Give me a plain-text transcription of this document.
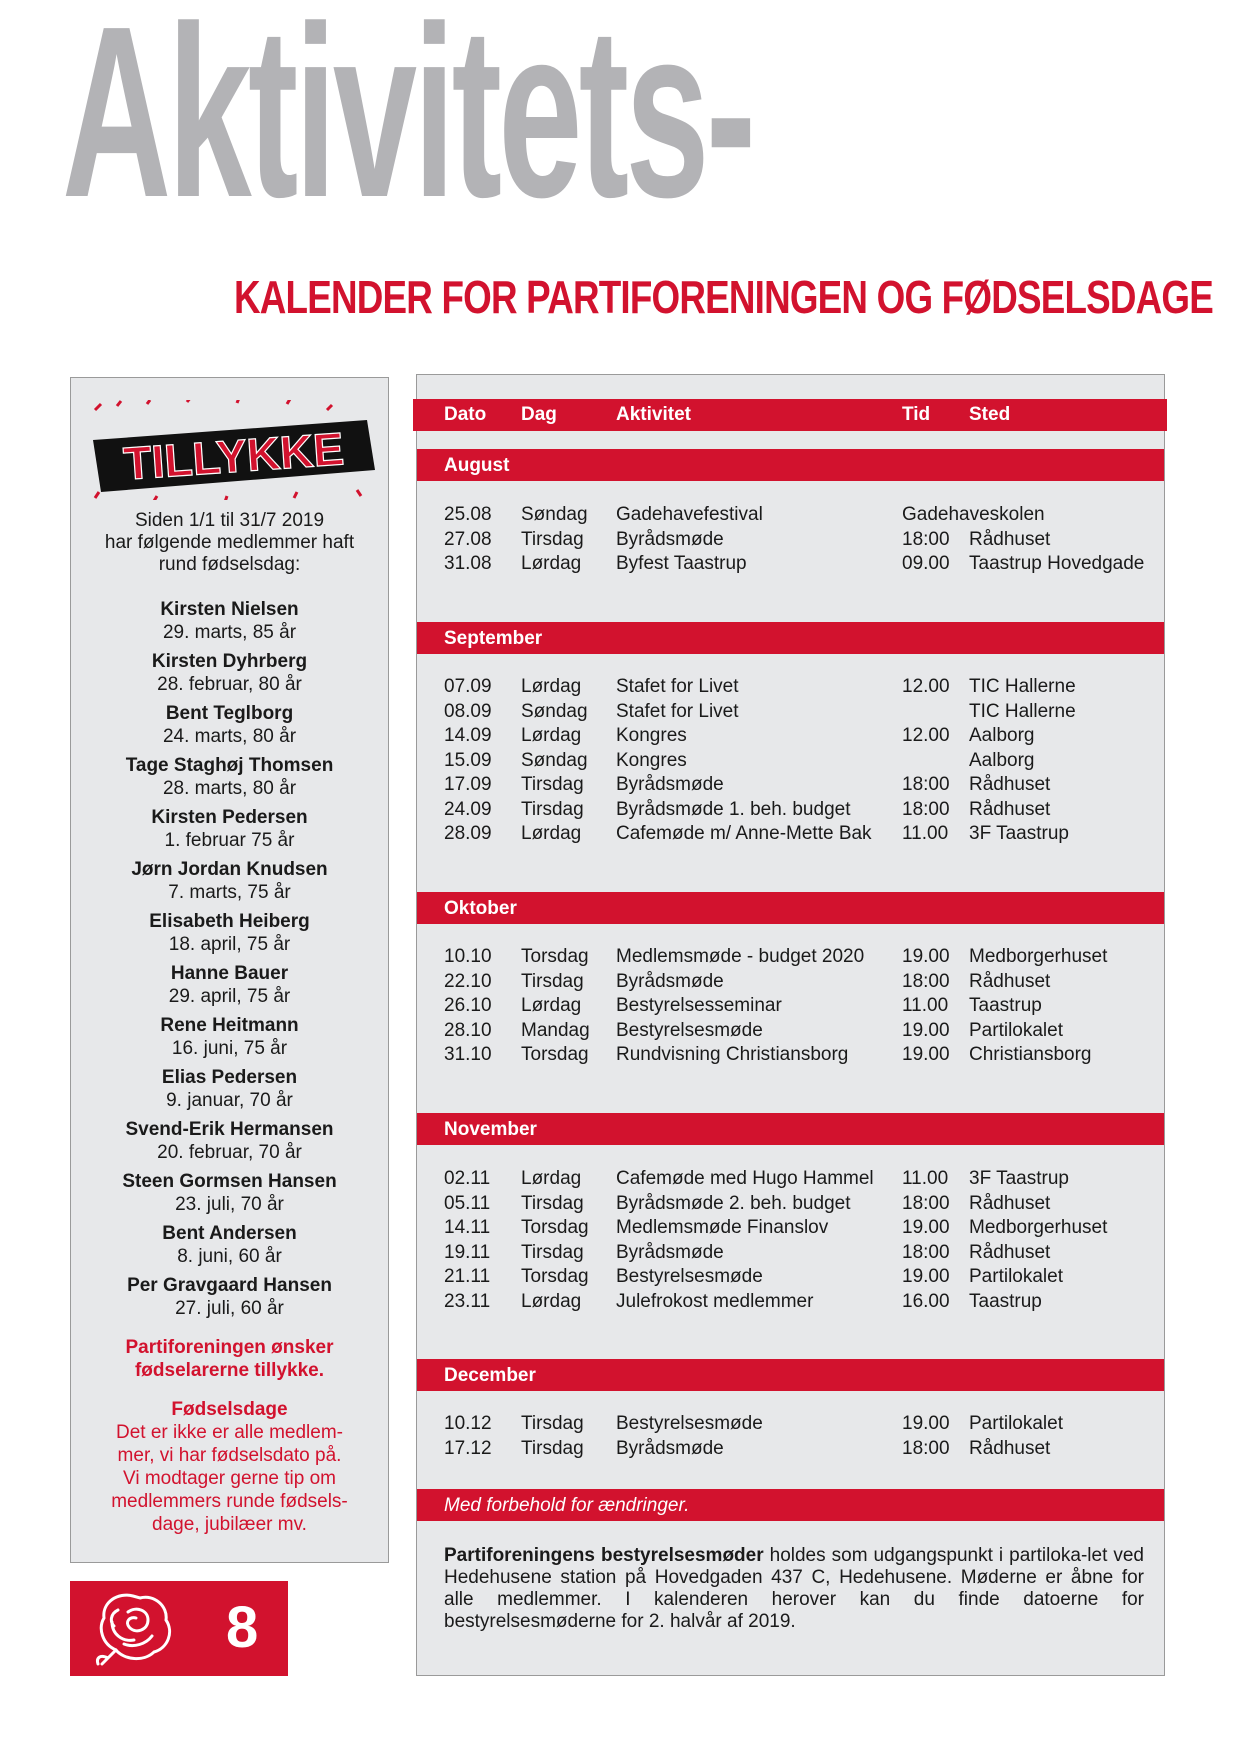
Aktivitets-
KALENDER FOR PARTIFORENINGEN OG FØDSELSDAGE
TILLYKKE
Siden 1/1 til 31/7 2019
har følgende medlemmer haft
rund fødselsdag:
Kirsten Nielsen
29. marts, 85 år
Kirsten Dyhrberg
28. februar, 80 år
Bent Teglborg
24. marts, 80 år
Tage Staghøj Thomsen
28. marts, 80 år
Kirsten Pedersen
1. februar 75 år
Jørn Jordan Knudsen
7. marts, 75 år
Elisabeth Heiberg
18. april, 75 år
Hanne Bauer
29. april, 75 år
Rene Heitmann
16. juni, 75 år
Elias Pedersen
9. januar, 70 år
Svend-Erik Hermansen
20. februar, 70 år
Steen Gormsen Hansen
23. juli, 70 år
Bent Andersen
8. juni, 60 år
Per Gravgaard Hansen
27. juli, 60 år
Partiforeningen ønsker
fødselarerne tillykke.
Fødselsdage
Det er ikke er alle medlem-
mer, vi har fødselsdato på.
Vi modtager gerne tip om
medlemmers runde fødsels-
dage, jubilæer mv.
8
Dato Dag	Aktivitet	Tid Sted
August
25.08 Søndag Gadehavefestival	Gadehaveskolen
27.08 Tirsdag Byrådsmøde	18:00 Rådhuset
31.08 Lørdag Byfest Taastrup	09.00 Taastrup Hovedgade
September
07.09 Lørdag Stafet for Livet	12.00 TIC Hallerne
08.09 Søndag Stafet for Livet	TIC Hallerne
14.09 Lørdag Kongres	12.00 Aalborg
15.09 Søndag Kongres	Aalborg
17.09 Tirsdag Byrådsmøde	18:00 Rådhuset
24.09 Tirsdag Byrådsmøde 1. beh. budget	18:00 Rådhuset
28.09 Lørdag Cafemøde m/ Anne-Mette Bak 11.00 3F Taastrup
Oktober
10.10 Torsdag Medlemsmøde - budget 2020 19.00 Medborgerhuset
22.10 Tirsdag Byrådsmøde	18:00 Rådhuset
26.10 Lørdag Bestyrelsesseminar	11.00 Taastrup
28.10 Mandag Bestyrelsesmøde	19.00 Partilokalet
31.10 Torsdag Rundvisning Christiansborg	19.00 Christiansborg
November
02.11 Lørdag Cafemøde med Hugo Hammel 11.00 3F Taastrup
05.11 Tirsdag Byrådsmøde 2. beh. budget	18:00 Rådhuset
14.11 Torsdag Medlemsmøde Finanslov	19.00 Medborgerhuset
19.11 Tirsdag Byrådsmøde	18:00 Rådhuset
21.11 Torsdag Bestyrelsesmøde	19.00 Partilokalet
23.11 Lørdag Julefrokost medlemmer	16.00 Taastrup
December
10.12 Tirsdag Bestyrelsesmøde	19.00 Partilokalet
17.12 Tirsdag Byrådsmøde	18:00 Rådhuset
Med forbehold for ændringer.
Partiforeningens bestyrelsesmøder holdes som udgangspunkt i partiloka-let ved Hedehusene station på Hovedgaden 437 C, Hedehusene. Møderne er åbne for alle medlemmer. I kalenderen herover kan du finde datoerne for bestyrelsesmøderne for 2. halvår af 2019.
